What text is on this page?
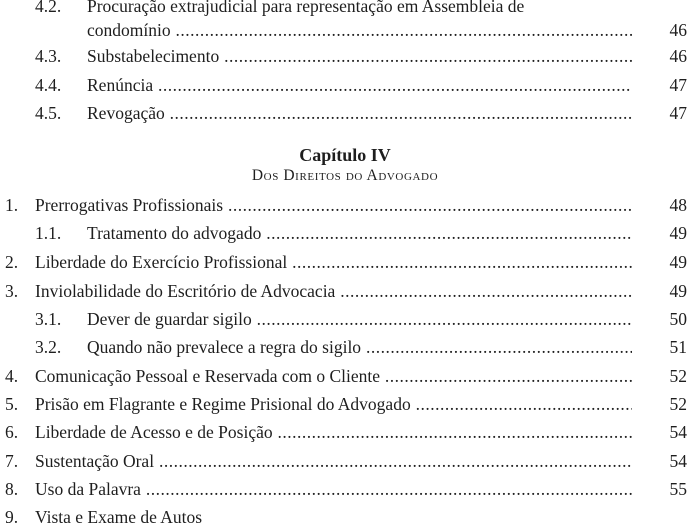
4.2. Procuração extrajudicial para representação em Assembleia de
condomínio .....	46
4.3. Substabelecimento .....	46
4.4. Renúncia .....	47
4.5. Revogação .....	47
Capítulo IV
Dos Direitos do Advogado
1. Prerrogativas Profissionais .....	48
1.1. Tratamento do advogado .....	49
2. Liberdade do Exercício Profissional .....	49
3. Inviolabilidade do Escritório de Advocacia .....	49
3.1. Dever de guardar sigilo .....	50
3.2. Quando não prevalece a regra do sigilo .....	51
4. Comunicação Pessoal e Reservada com o Cliente .....	52
5. Prisão em Flagrante e Regime Prisional do Advogado .....	52
6. Liberdade de Acesso e de Posição .....	54
7. Sustentação Oral .....	54
8. Uso da Palavra .....	55
9. Vista e Exame de Autos
